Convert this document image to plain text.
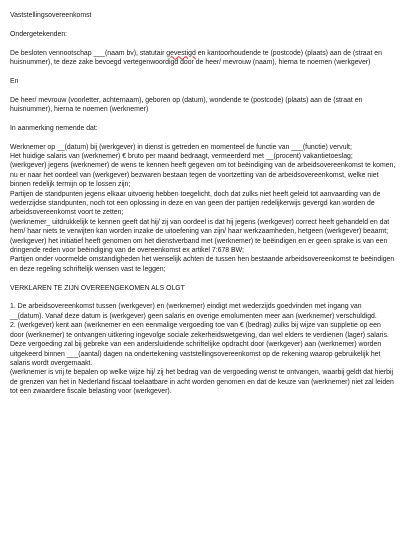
Vaststellingsovereenkomst
Ondergetekenden:
De besloten vennootschap ___(naam bv), statutair gevestigd en kantoorhoudende te (postcode) (plaats) aan de (straat en huisnummer), te deze zake bevoegd vertegenwoordigd door de heer/ mevrouw (naam), hierna te noemen (werkgever)
En
De heer/ mevrouw (voorletter, achternaam), geboren op (datum), wondende te (postcode) (plaats) aan de (straat en huisnummer), hierna te noemen (werknemer)
In aanmerking nemende dat:
Werknemer op __(datum) bij (werkgever) in dienst is getreden en momenteel de functie van ___(functie) vervult;
Het huidige salaris van (werknemer) € bruto per maand bedraagt, vermeerderd met __(procent) vakantietoeslag;
(werkgever) jegens (werknemer) de wens te kennen heeft gegeven om tot beëindiging van de arbeidsovereenkomst te komen, nu er naar het oordeel van (werkgever) bezwaren bestaan tegen de voortzetting van de arbeidsovereenkomst, welke niet binnen redelijk termijn op te lossen zijn;
Partijen de standpunten jegens elkaar uitvoerig hebben toegelicht, doch dat zulks niet heeft geleid tot aanvaarding van de wederzijdse standpunten, noch tot een oplossing in deze en van geen der partijen redelijkerwijs gevergd kan worden de arbeidsovereenkomst voort te zetten;
(werknemer_ uitdrukkelijk te kennen geeft dat hij/ zij van oordeel is dat hij jegens (werkgever) correct heeft gehandeld en dat hem/ haar niets te verwijten kan worden inzake de uitoefening van zijn/ haar werkzaamheden, hetgeen (werkgever) beaamt;
(werkgever) het initiatief heeft genomen om het dienstverband met (werknemer) te beëindigen en er geen sprake is van een dringende reden voor beëindiging van de overeenkomst ex artikel 7:678 BW;
Partijen onder voormelde omstandigheden het wenselijk achten de tussen hen bestaande arbeidsovereenkomst te beëindigen en deze regeling schriftelijk wensen vast te leggen;
VERKLAREN TE ZIJN OVEREENGEKOMEN ALS OLGT
1. De arbeidsovereenkomst tussen (werkgever) en (werknemer) eindigt met wederzijds goedvinden met ingang van __(datum). Vanaf deze datum is (werkgever) geen salaris en overige emolumenten meer aan (werknemer) verschuldigd.
2. (werkgever) kent aan (werknemer en een eenmalige vergoeding toe van € (bedrag) zulks bij wijze van suppletie op een door (werknemer) te ontvangen uitkering ingevolge sociale zekerheidswetgeving, dan wel elders te verdienen (lager) salaris. Deze vergoeding zal bij gebreke van een andersluidende schriftelijke opdracht door (werkgever) aan (werknemer) worden uitgekeerd binnen ___(aantal) dagen na ondertekening vaststellingsovereenkomst op de rekening waarop gebruikelijk het salaris wordt overgemaakt.
(werknemer is vrij te bepalen op welke wijze hij/ zij het bedrag van de vergoeding wenst te ontvangen, waarbij geldt dat hierbij de grenzen van het in Nederland fiscaal toelaatbare in acht worden genomen en dat de keuze van (werknemer) niet zal leiden tot een zwaardere fiscale belasting voor (werkgever).
